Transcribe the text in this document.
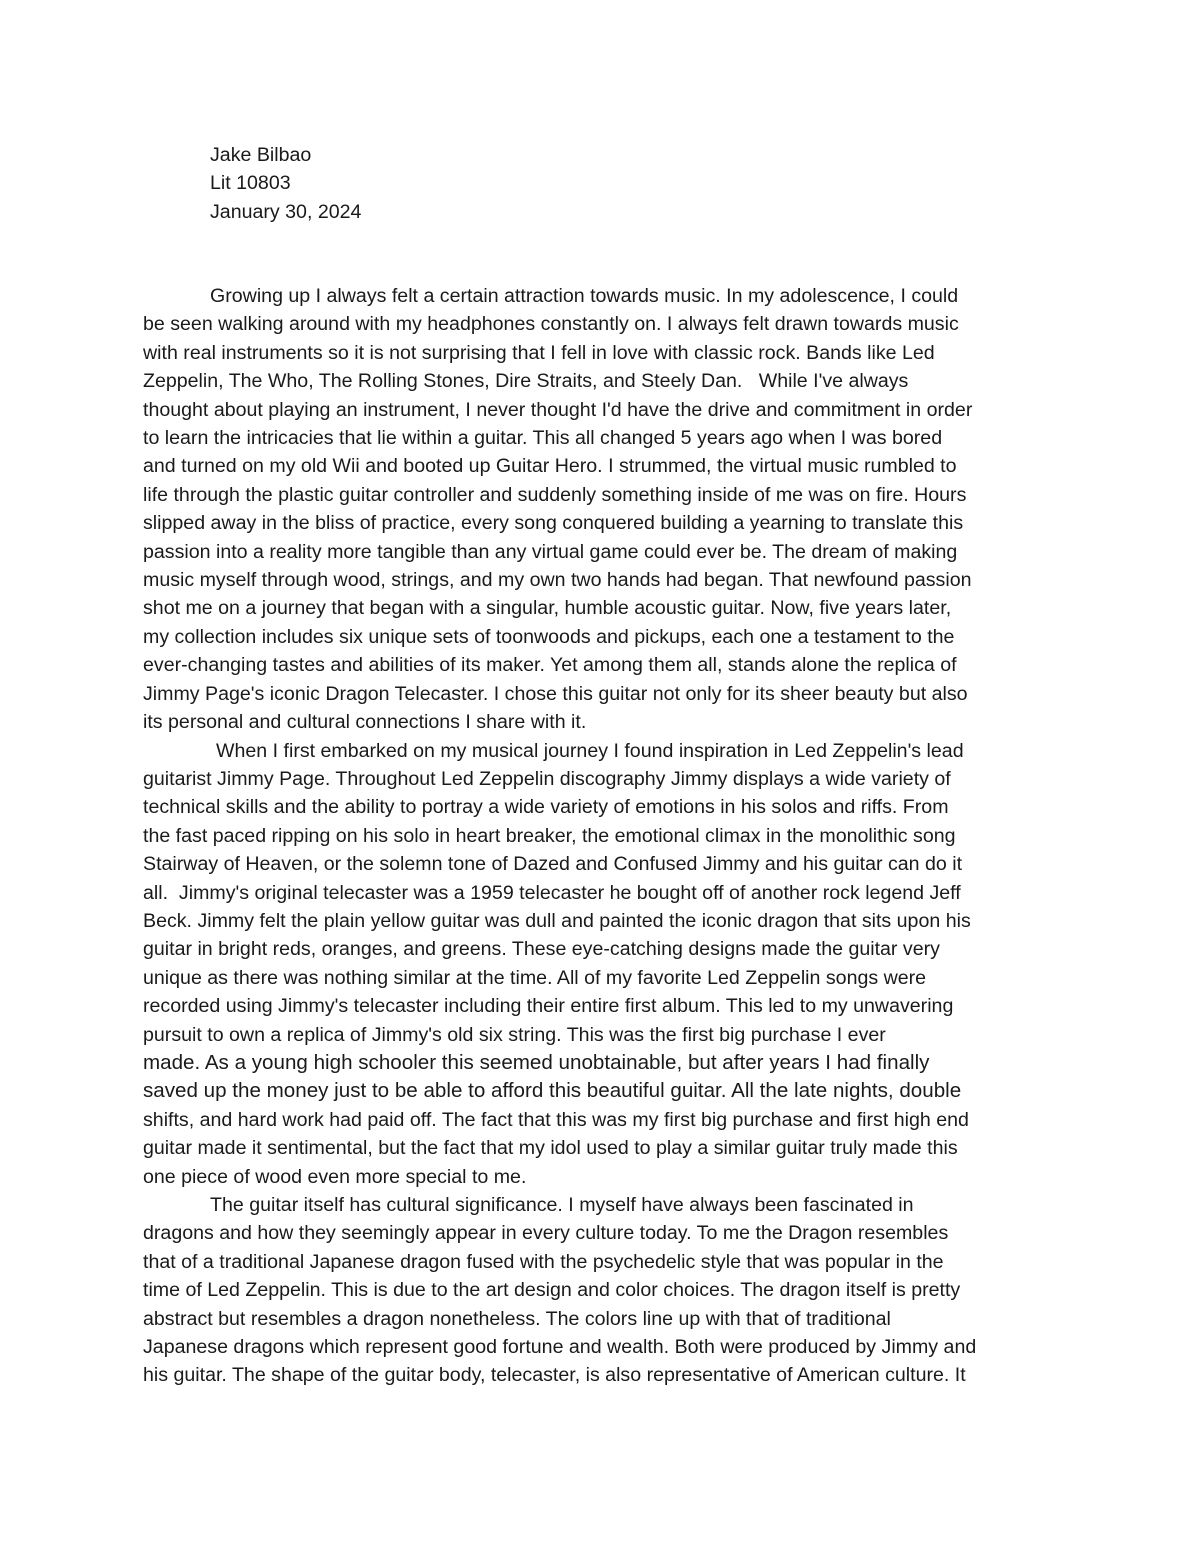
Jake Bilbao
Lit 10803
January 30, 2024
Growing up I always felt a certain attraction towards music. In my adolescence, I could
be seen walking around with my headphones constantly on. I always felt drawn towards music
with real instruments so it is not surprising that I fell in love with classic rock. Bands like Led
Zeppelin, The Who, The Rolling Stones, Dire Straits, and Steely Dan.   While I've always
thought about playing an instrument, I never thought I'd have the drive and commitment in order
to learn the intricacies that lie within a guitar. This all changed 5 years ago when I was bored
and turned on my old Wii and booted up Guitar Hero. I strummed, the virtual music rumbled to
life through the plastic guitar controller and suddenly something inside of me was on fire. Hours
slipped away in the bliss of practice, every song conquered building a yearning to translate this
passion into a reality more tangible than any virtual game could ever be. The dream of making
music myself through wood, strings, and my own two hands had began. That newfound passion
shot me on a journey that began with a singular, humble acoustic guitar. Now, five years later,
my collection includes six unique sets of toonwoods and pickups, each one a testament to the
ever-changing tastes and abilities of its maker. Yet among them all, stands alone the replica of
Jimmy Page's iconic Dragon Telecaster. I chose this guitar not only for its sheer beauty but also
its personal and cultural connections I share with it.
When I first embarked on my musical journey I found inspiration in Led Zeppelin's lead
guitarist Jimmy Page. Throughout Led Zeppelin discography Jimmy displays a wide variety of
technical skills and the ability to portray a wide variety of emotions in his solos and riffs. From
the fast paced ripping on his solo in heart breaker, the emotional climax in the monolithic song
Stairway of Heaven, or the solemn tone of Dazed and Confused Jimmy and his guitar can do it
all.  Jimmy's original telecaster was a 1959 telecaster he bought off of another rock legend Jeff
Beck. Jimmy felt the plain yellow guitar was dull and painted the iconic dragon that sits upon his
guitar in bright reds, oranges, and greens. These eye-catching designs made the guitar very
unique as there was nothing similar at the time. All of my favorite Led Zeppelin songs were
recorded using Jimmy's telecaster including their entire first album. This led to my unwavering
pursuit to own a replica of Jimmy's old six string. This was the first big purchase I ever
made. As a young high schooler this seemed unobtainable, but after years I had finally
saved up the money just to be able to afford this beautiful guitar. All the late nights, double
shifts, and hard work had paid off. The fact that this was my first big purchase and first high end
guitar made it sentimental, but the fact that my idol used to play a similar guitar truly made this
one piece of wood even more special to me.
The guitar itself has cultural significance. I myself have always been fascinated in
dragons and how they seemingly appear in every culture today. To me the Dragon resembles
that of a traditional Japanese dragon fused with the psychedelic style that was popular in the
time of Led Zeppelin. This is due to the art design and color choices. The dragon itself is pretty
abstract but resembles a dragon nonetheless. The colors line up with that of traditional
Japanese dragons which represent good fortune and wealth. Both were produced by Jimmy and
his guitar. The shape of the guitar body, telecaster, is also representative of American culture. It
